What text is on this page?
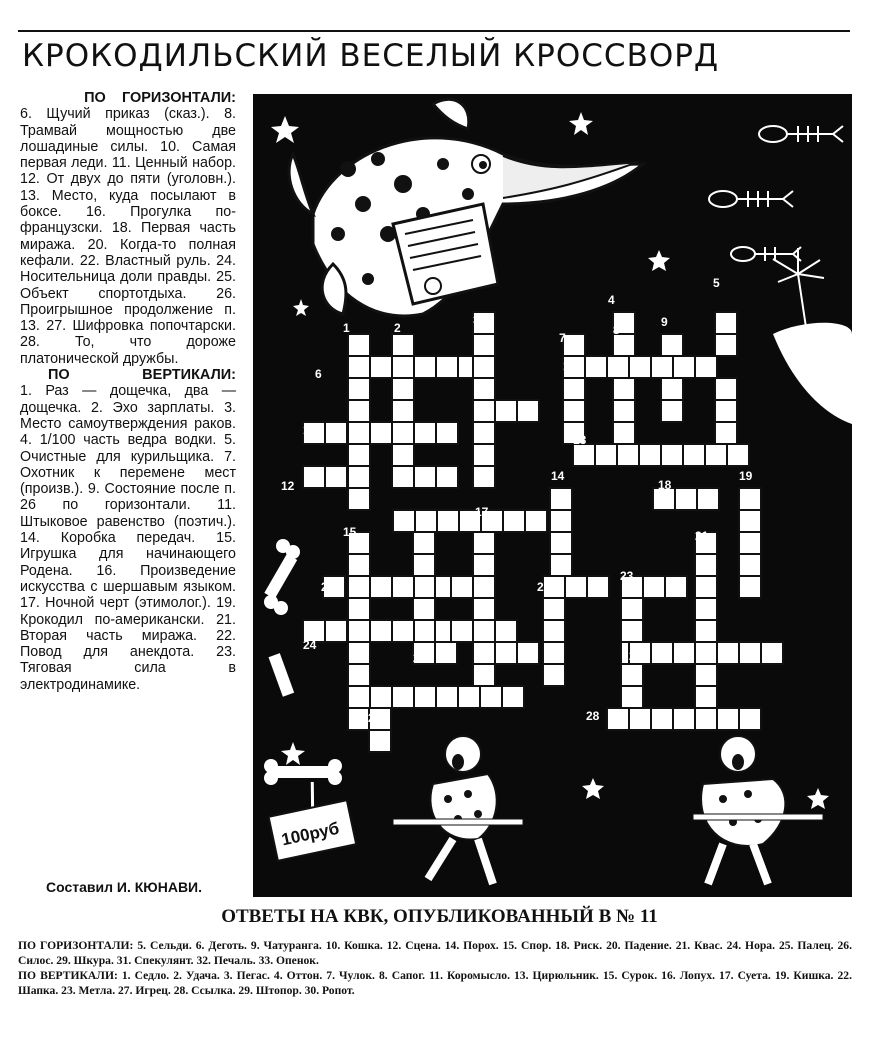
КРОКОДИЛЬСКИЙ ВЕСЕЛЫЙ КРОССВОРД
ПО ГОРИЗОНТАЛИ:

6. Щучий приказ (сказ.). 8. Трамвай мощностью две лошадиные силы. 10. Самая первая леди. 11. Ценный набор. 12. От двух до пяти (уголовн.). 13. Место, куда посылают в боксе. 16. Прогулка по-французски. 18. Первая часть миража. 20. Когда-то полная кефали. 22. Властный руль. 24. Носительница доли правды. 25. Объект спортотдыха. 26. Проигрышное продолжение п. 13. 27. Шифровка попочтарски. 28. То, что дороже платонической дружбы.

ПО	ВЕРТИКАЛИ:

1. Раз — дощечка, два — дощечка. 2. Эхо зарплаты. 3. Место самоутверждения раков. 4. 1/100 часть ведра водки. 5. Очистные для курильщика. 7. Охотник к перемене мест (произв.). 9. Состояние после п. 26 по горизонтали. 11. Штыковое равенство (поэтич.). 14. Коробка передач. 15. Игрушка для начинающего Родена. 16. Произведение искусства с шершавым языком. 17. Ночной черт (этимолог.). 19. Крокодил по-американски. 21. Вторая часть миража. 22. Повод для анекдота. 23. Тяговая сила в электродинамике.

Составил И. КЮНАВИ.
1	2
3
4
5
6
7
8
9
10
11
12
13
14
15
16
17
18
19
20
21
22
23
24
25	26
27	28
100руб
ОТВЕТЫ НА КВК, ОПУБЛИКОВАННЫЙ В № 11

ПО ГОРИЗОНТАЛИ: 5. Сельди. 6. Деготь. 9. Чатуранга. 10. Кошка. 12. Сцена. 14. Порох. 15. Спор. 18. Риск. 20. Падение. 21. Квас. 24. Нора. 25. Палец. 26. Силос. 29. Шкура. 31. Спекулянт. 32. Печаль. 33. Опенок.

ПО ВЕРТИКАЛИ: 1. Седло. 2. Удача. 3. Пегас. 4. Оттон. 7. Чулок. 8. Сапог. 11. Коромысло. 13. Цирюльник. 15. Сурок. 16. Лопух. 17. Суета. 19. Кишка. 22. Шапка. 23. Метла. 27. Игрец. 28. Ссылка. 29. Штопор. 30. Ропот.
